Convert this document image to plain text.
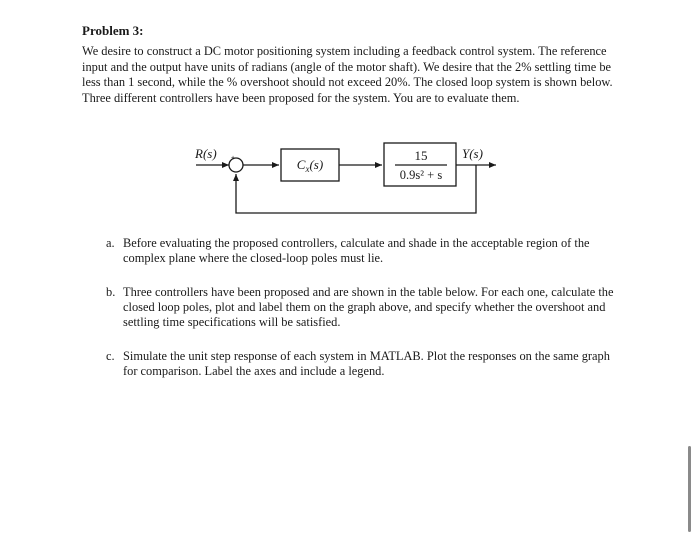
Problem 3:
We desire to construct a DC motor positioning system including a feedback control system. The reference input and the output have units of radians (angle of the motor shaft). We desire that the 2% settling time be less than 1 second, while the % overshoot should not exceed 20%. The closed loop system is shown below. Three different controllers have been proposed for the system. You are to evaluate them.
R(s) +	$C_x(s)$
15
0.9s² + s
Y(s)
a. Before evaluating the proposed controllers, calculate and shade in the acceptable region of the complex plane where the closed-loop poles must lie.
b. Three controllers have been proposed and are shown in the table below. For each one, calculate the closed loop poles, plot and label them on the graph above, and specify whether the overshoot and settling time specifications will be satisfied.
c. Simulate the unit step response of each system in MATLAB. Plot the responses on the same graph for comparison. Label the axes and include a legend.
